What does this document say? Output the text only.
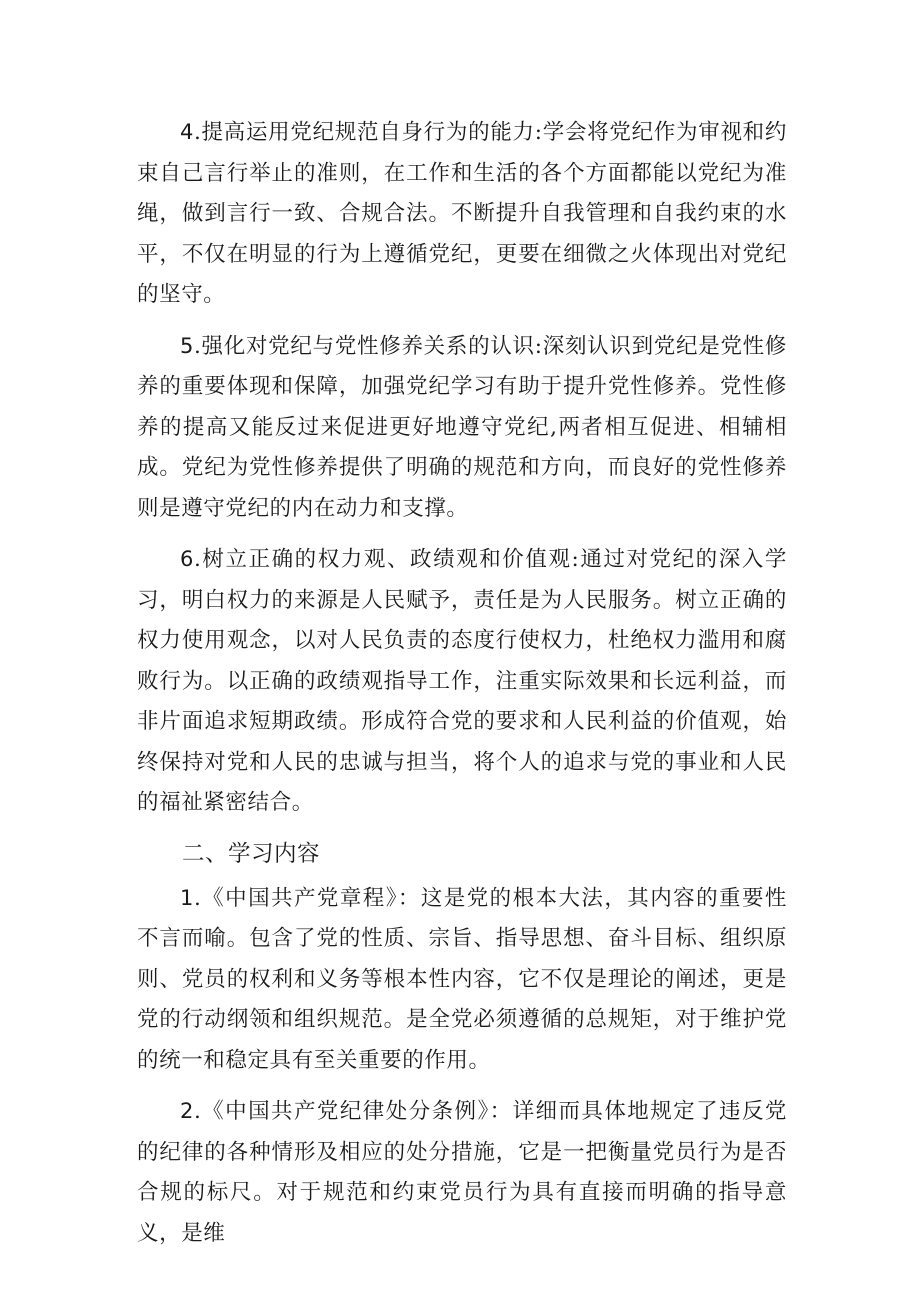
4.提高运用党纪规范自身行为的能力:学会将党纪作为审视和约束自己言行举止的准则，在工作和生活的各个方面都能以党纪为准绳，做到言行一致、合规合法。不断提升自我管理和自我约束的水平，不仅在明显的行为上遵循党纪，更要在细微之火体现出对党纪的坚守。

5.强化对党纪与党性修养关系的认识:深刻认识到党纪是党性修养的重要体现和保障，加强党纪学习有助于提升党性修养。党性修养的提高又能反过来促进更好地遵守党纪,两者相互促进、相辅相成。党纪为党性修养提供了明确的规范和方向，而良好的党性修养则是遵守党纪的内在动力和支撑。

6.树立正确的权力观、政绩观和价值观:通过对党纪的深入学习，明白权力的来源是人民赋予，责任是为人民服务。树立正确的权力使用观念，以对人民负责的态度行使权力，杜绝权力滥用和腐败行为。以正确的政绩观指导工作，注重实际效果和长远利益，而非片面追求短期政绩。形成符合党的要求和人民利益的价值观，始终保持对党和人民的忠诚与担当，将个人的追求与党的事业和人民的福祉紧密结合。

二、学习内容

1.《中国共产党章程》：这是党的根本大法，其内容的重要性不言而喻。包含了党的性质、宗旨、指导思想、奋斗目标、组织原则、党员的权利和义务等根本性内容，它不仅是理论的阐述，更是党的行动纲领和组织规范。是全党必须遵循的总规矩，对于维护党的统一和稳定具有至关重要的作用。

2.《中国共产党纪律处分条例》：详细而具体地规定了违反党的纪律的各种情形及相应的处分措施，它是一把衡量党员行为是否合规的标尺。对于规范和约束党员行为具有直接而明确的指导意义，是维
